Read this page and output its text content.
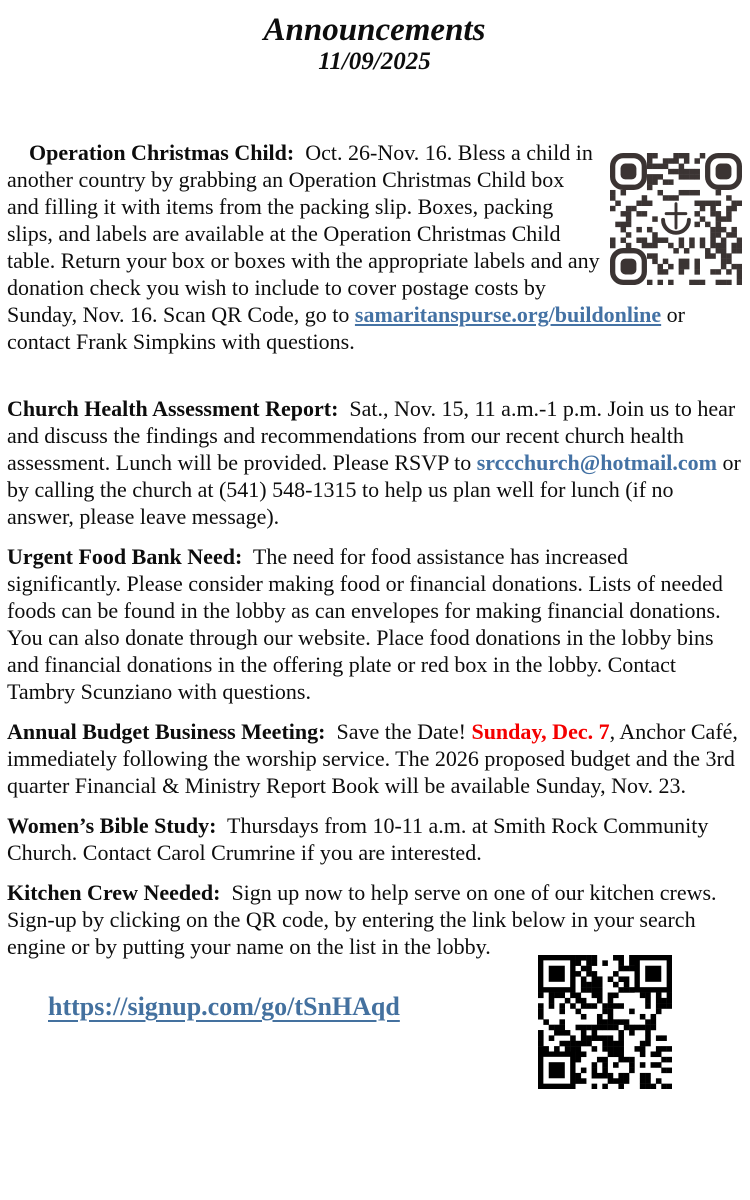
Announcements
11/09/2025

Operation Christmas Child:  Oct. 26-Nov. 16. Bless a child in another country by grabbing an Operation Christmas Child box and filling it with items from the packing slip. Boxes, packing slips, and labels are available at the Operation Christmas Child table. Return your box or boxes with the appropriate labels and any donation check you wish to include to cover postage costs by Sunday, Nov. 16. Scan QR Code, go to samaritanspurse.org/buildonline or contact Frank Simpkins with questions.

Church Health Assessment Report:  Sat., Nov. 15, 11 a.m.-1 p.m. Join us to hear and discuss the findings and recommendations from our recent church health assessment. Lunch will be provided. Please RSVP to srccchurch@hotmail.com or by calling the church at (541) 548-1315 to help us plan well for lunch (if no answer, please leave message).

Urgent Food Bank Need:  The need for food assistance has increased significantly. Please consider making food or financial donations. Lists of needed foods can be found in the lobby as can envelopes for making financial donations. You can also donate through our website. Place food donations in the lobby bins and financial donations in the offering plate or red box in the lobby. Contact Tambry Scunziano with questions.

Annual Budget Business Meeting:  Save the Date! Sunday, Dec. 7, Anchor Café, immediately following the worship service. The 2026 proposed budget and the 3rd quarter Financial & Ministry Report Book will be available Sunday, Nov. 23.

Women’s Bible Study:  Thursdays from 10-11 a.m. at Smith Rock Community Church. Contact Carol Crumrine if you are interested.

Kitchen Crew Needed:  Sign up now to help serve on one of our kitchen crews. Sign-up by clicking on the QR code, by entering the link below in your search engine or by putting your name on the list in the lobby.

https://signup.com/go/tSnHAqd
